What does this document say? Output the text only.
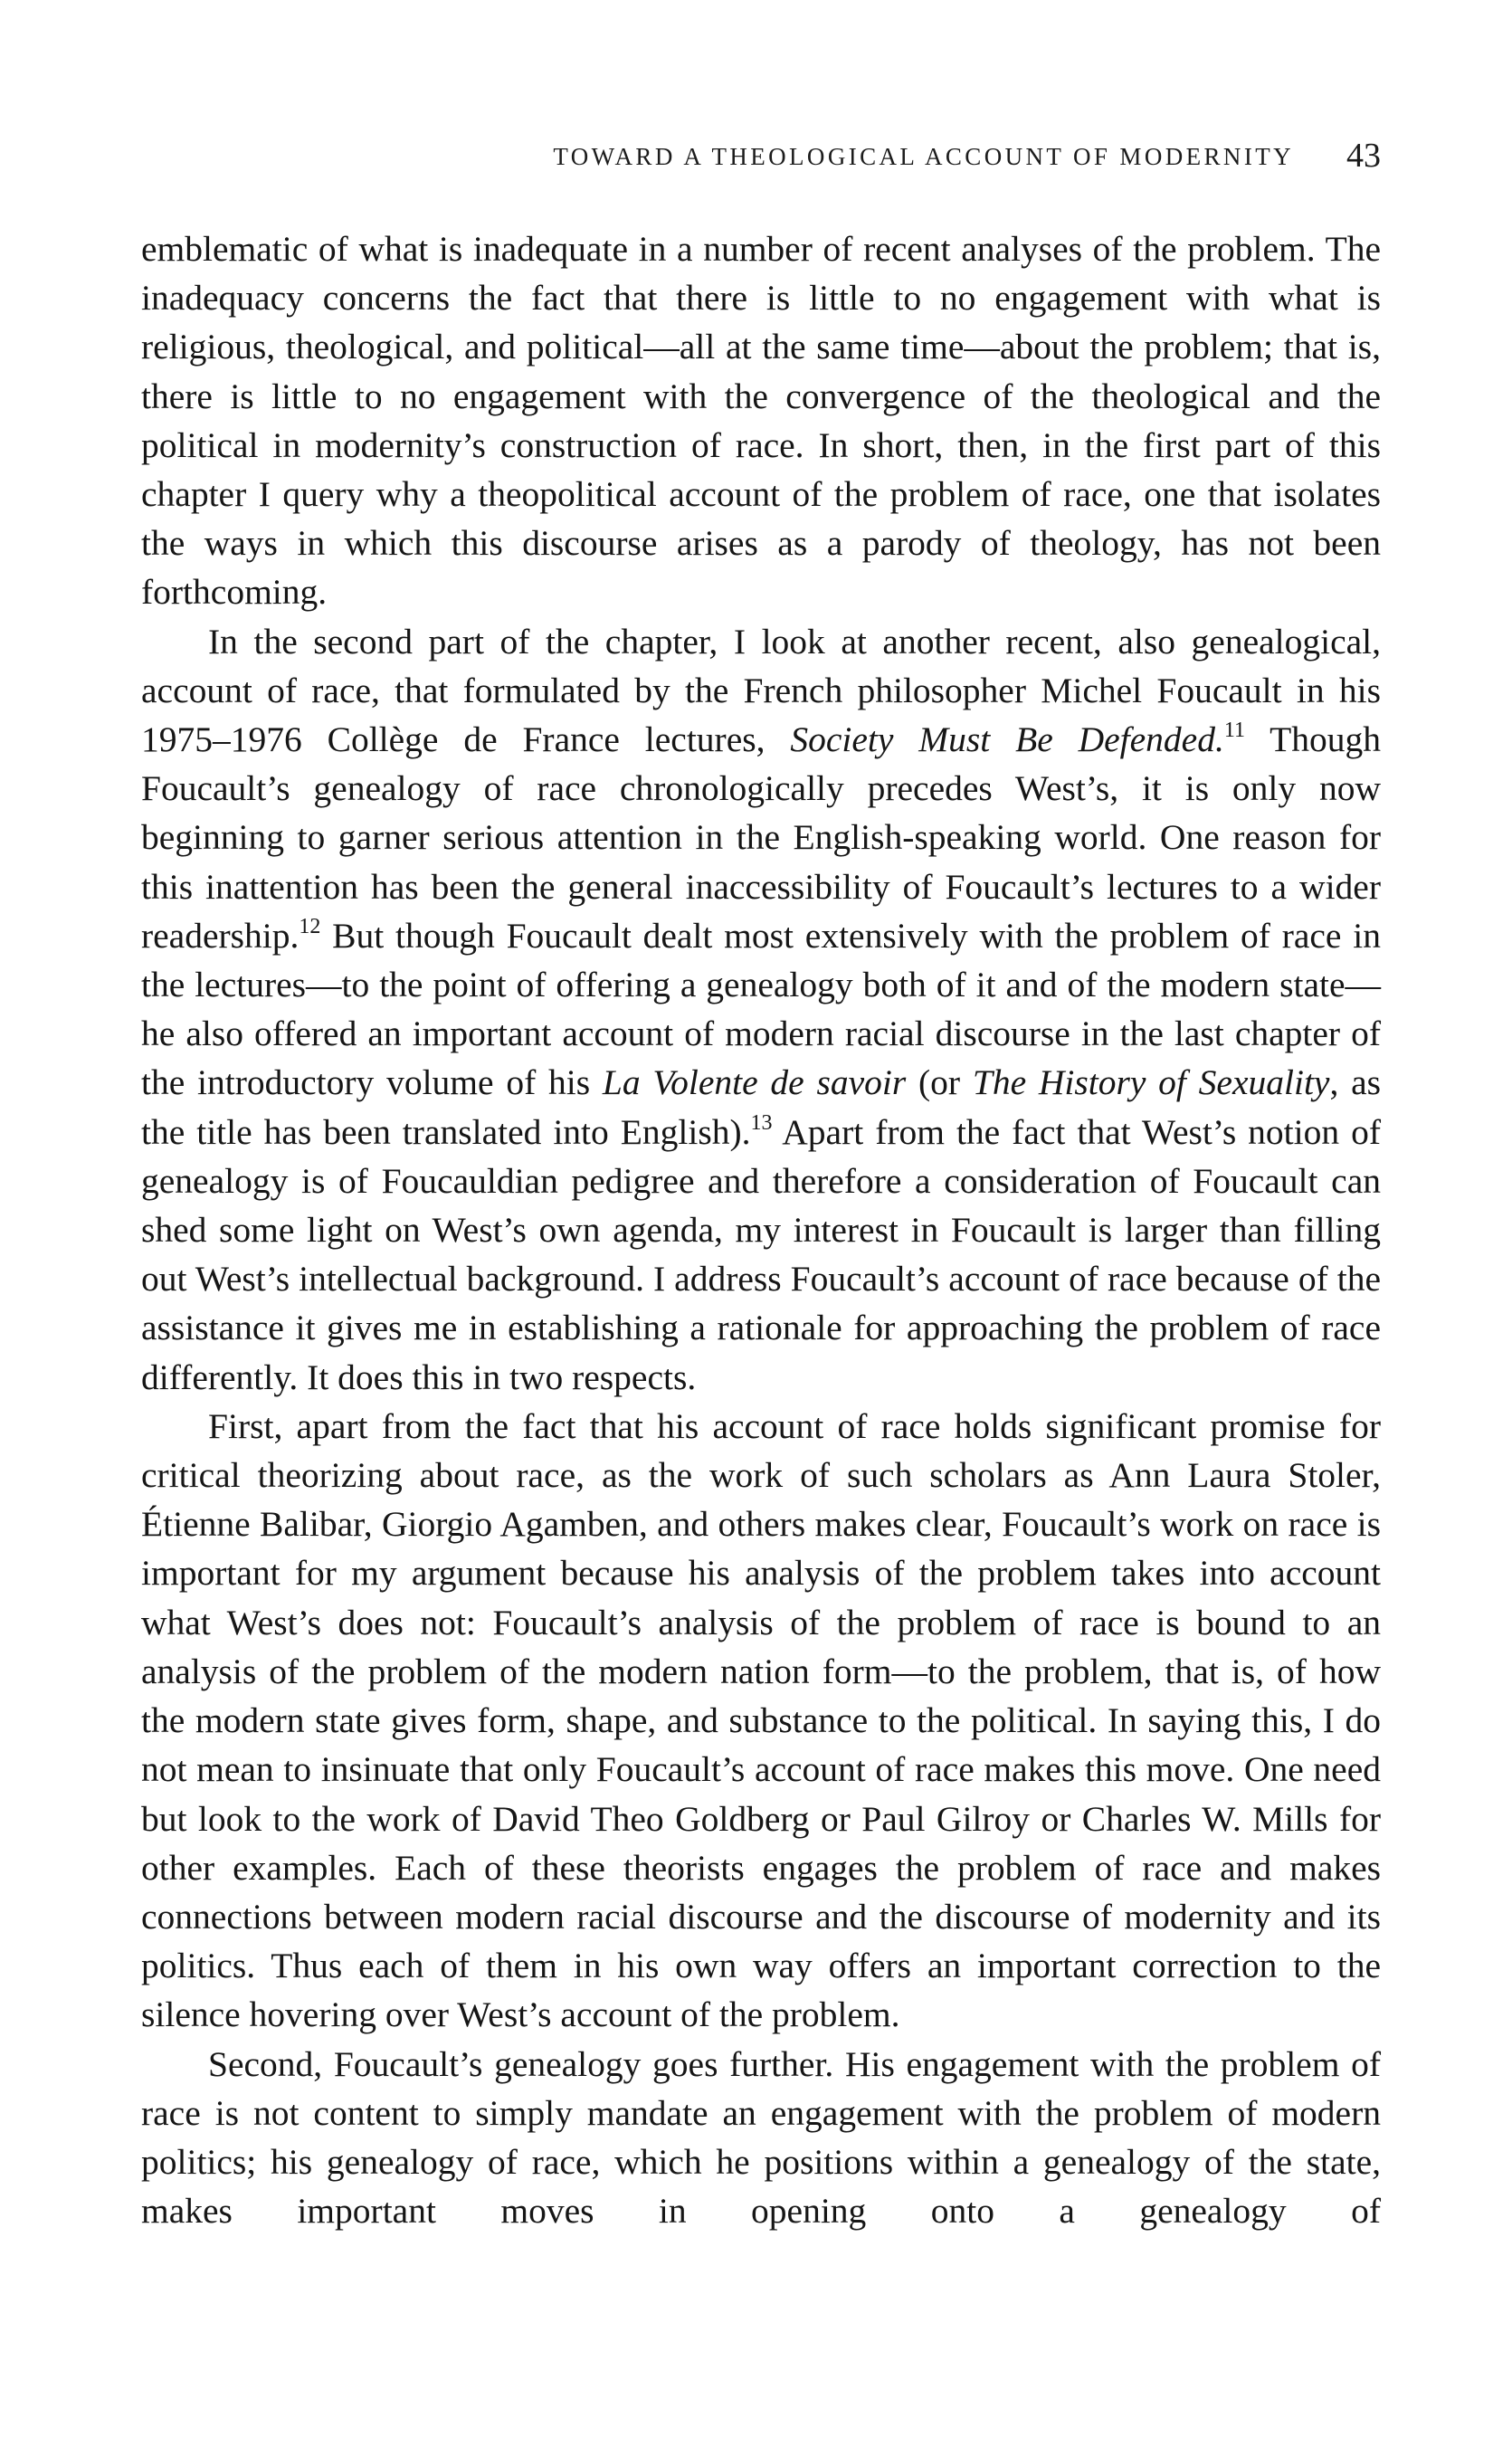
TOWARD A THEOLOGICAL ACCOUNT OF MODERNITY 43

emblematic of what is inadequate in a number of recent analyses of the problem. The inadequacy concerns the fact that there is little to no engagement with what is religious, theological, and political—all at the same time—about the problem; that is, there is little to no engagement with the convergence of the theological and the political in modernity’s construction of race. In short, then, in the first part of this chapter I query why a theopolitical account of the problem of race, one that isolates the ways in which this discourse arises as a parody of theology, has not been forthcoming.

In the second part of the chapter, I look at another recent, also genealogical, account of race, that formulated by the French philosopher Michel Foucault in his 1975–1976 Collège de France lectures, Society Must Be Defended.$^{11}$ Though Foucault’s genealogy of race chronologically precedes West’s, it is only now beginning to garner serious attention in the English-speaking world. One reason for this inattention has been the general inaccessibility of Foucault’s lectures to a wider readership.$^{12}$ But though Foucault dealt most extensively with the problem of race in the lectures—to the point of offering a genealogy both of it and of the modern state—he also offered an important account of modern racial discourse in the last chapter of the introductory volume of his La Volente de savoir (or The History of Sexuality, as the title has been translated into English).$^{13}$ Apart from the fact that West’s notion of genealogy is of Foucauldian pedigree and therefore a consideration of Foucault can shed some light on West’s own agenda, my interest in Foucault is larger than filling out West’s intellectual background. I address Foucault’s account of race because of the assistance it gives me in establishing a rationale for approaching the problem of race differently. It does this in two respects.

First, apart from the fact that his account of race holds significant promise for critical theorizing about race, as the work of such scholars as Ann Laura Stoler, Étienne Balibar, Giorgio Agamben, and others makes clear, Foucault’s work on race is important for my argument because his analysis of the problem takes into account what West’s does not: Foucault’s analysis of the problem of race is bound to an analysis of the problem of the modern nation form—to the problem, that is, of how the modern state gives form, shape, and substance to the political. In saying this, I do not mean to insinuate that only Foucault’s account of race makes this move. One need but look to the work of David Theo Goldberg or Paul Gilroy or Charles W. Mills for other examples. Each of these theorists engages the problem of race and makes connections between modern racial discourse and the discourse of modernity and its politics. Thus each of them in his own way offers an important correction to the silence hovering over West’s account of the problem.

Second, Foucault’s genealogy goes further. His engagement with the problem of race is not content to simply mandate an engagement with the problem of modern politics; his genealogy of race, which he positions within a genealogy of the state, makes important moves in opening onto a genealogy of
